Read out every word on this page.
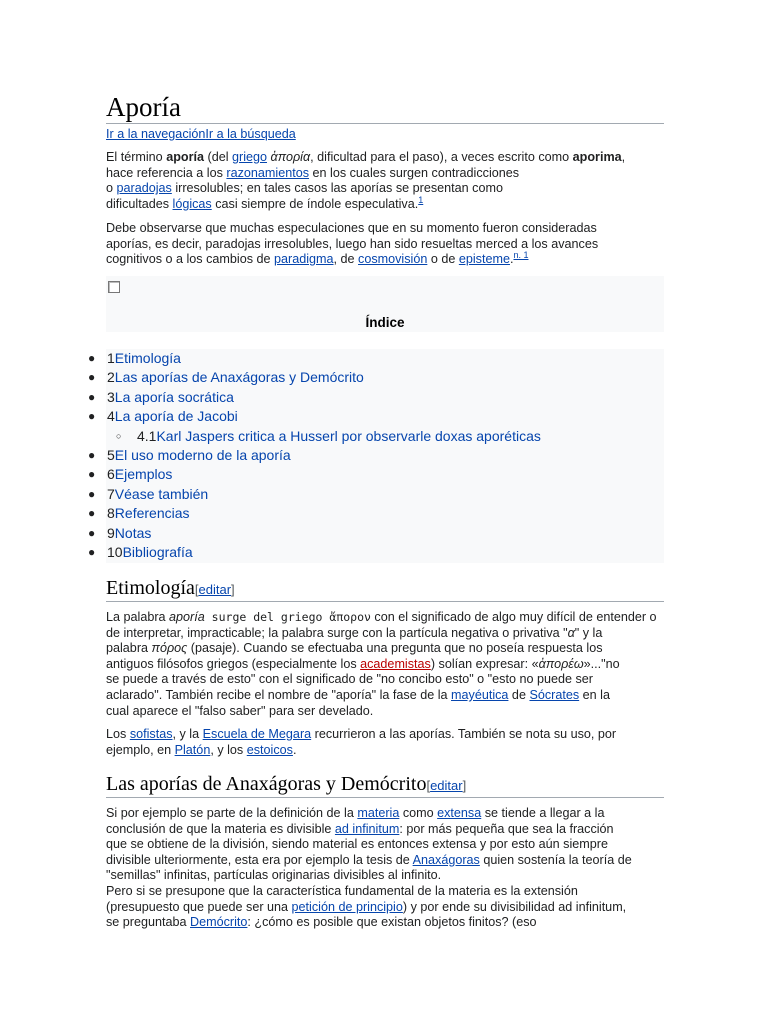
Aporía
Ir a la navegaciónIr a la búsqueda
El término aporía (del griego ἀπορία, dificultad para el paso), a veces escrito como aporima,
hace referencia a los razonamientos en los cuales surgen contradicciones
o paradojas irresolubles; en tales casos las aporías se presentan como
dificultades lógicas casi siempre de índole especulativa.$^1$
Debe observarse que muchas especulaciones que en su momento fueron consideradas
aporías, es decir, paradojas irresolubles, luego han sido resueltas merced a los avances
cognitivos o a los cambios de paradigma, de cosmovisión o de episteme.$^{n. 1}$
Índice
● 1Etimología
● 2Las aporías de Anaxágoras y Demócrito
● 3La aporía socrática
● 4La aporía de Jacobi
○ 4.1Karl Jaspers critica a Husserl por observarle doxas aporéticas
● 5El uso moderno de la aporía
● 6Ejemplos
● 7Véase también
● 8Referencias
● 9Notas
● 10Bibliografía
Etimología[editar]
La palabra aporía surge del griego ἄπορον con el significado de algo muy difícil de entender o
de interpretar, impracticable; la palabra surge con la partícula negativa o privativa "α" y la
palabra πόρος (pasaje). Cuando se efectuaba una pregunta que no poseía respuesta los
antiguos filósofos griegos (especialmente los academistas) solían expresar: «ἀπορέω»..."no
se puede a través de esto" con el significado de "no concibo esto" o "esto no puede ser
aclarado". También recibe el nombre de "aporía" la fase de la mayéutica de Sócrates en la
cual aparece el "falso saber" para ser develado.
Los sofistas, y la Escuela de Megara recurrieron a las aporías. También se nota su uso, por
ejemplo, en Platón, y los estoicos.
Las aporías de Anaxágoras y Demócrito[editar]
Si por ejemplo se parte de la definición de la materia como extensa se tiende a llegar a la
conclusión de que la materia es divisible ad infinitum: por más pequeña que sea la fracción
que se obtiene de la división, siendo material es entonces extensa y por esto aún siempre
divisible ulteriormente, esta era por ejemplo la tesis de Anaxágoras quien sostenía la teoría de
"semillas" infinitas, partículas originarias divisibles al infinito.
Pero si se presupone que la característica fundamental de la materia es la extensión
(presupuesto que puede ser una petición de principio) y por ende su divisibilidad ad infinitum,
se preguntaba Demócrito: ¿cómo es posible que existan objetos finitos? (eso
